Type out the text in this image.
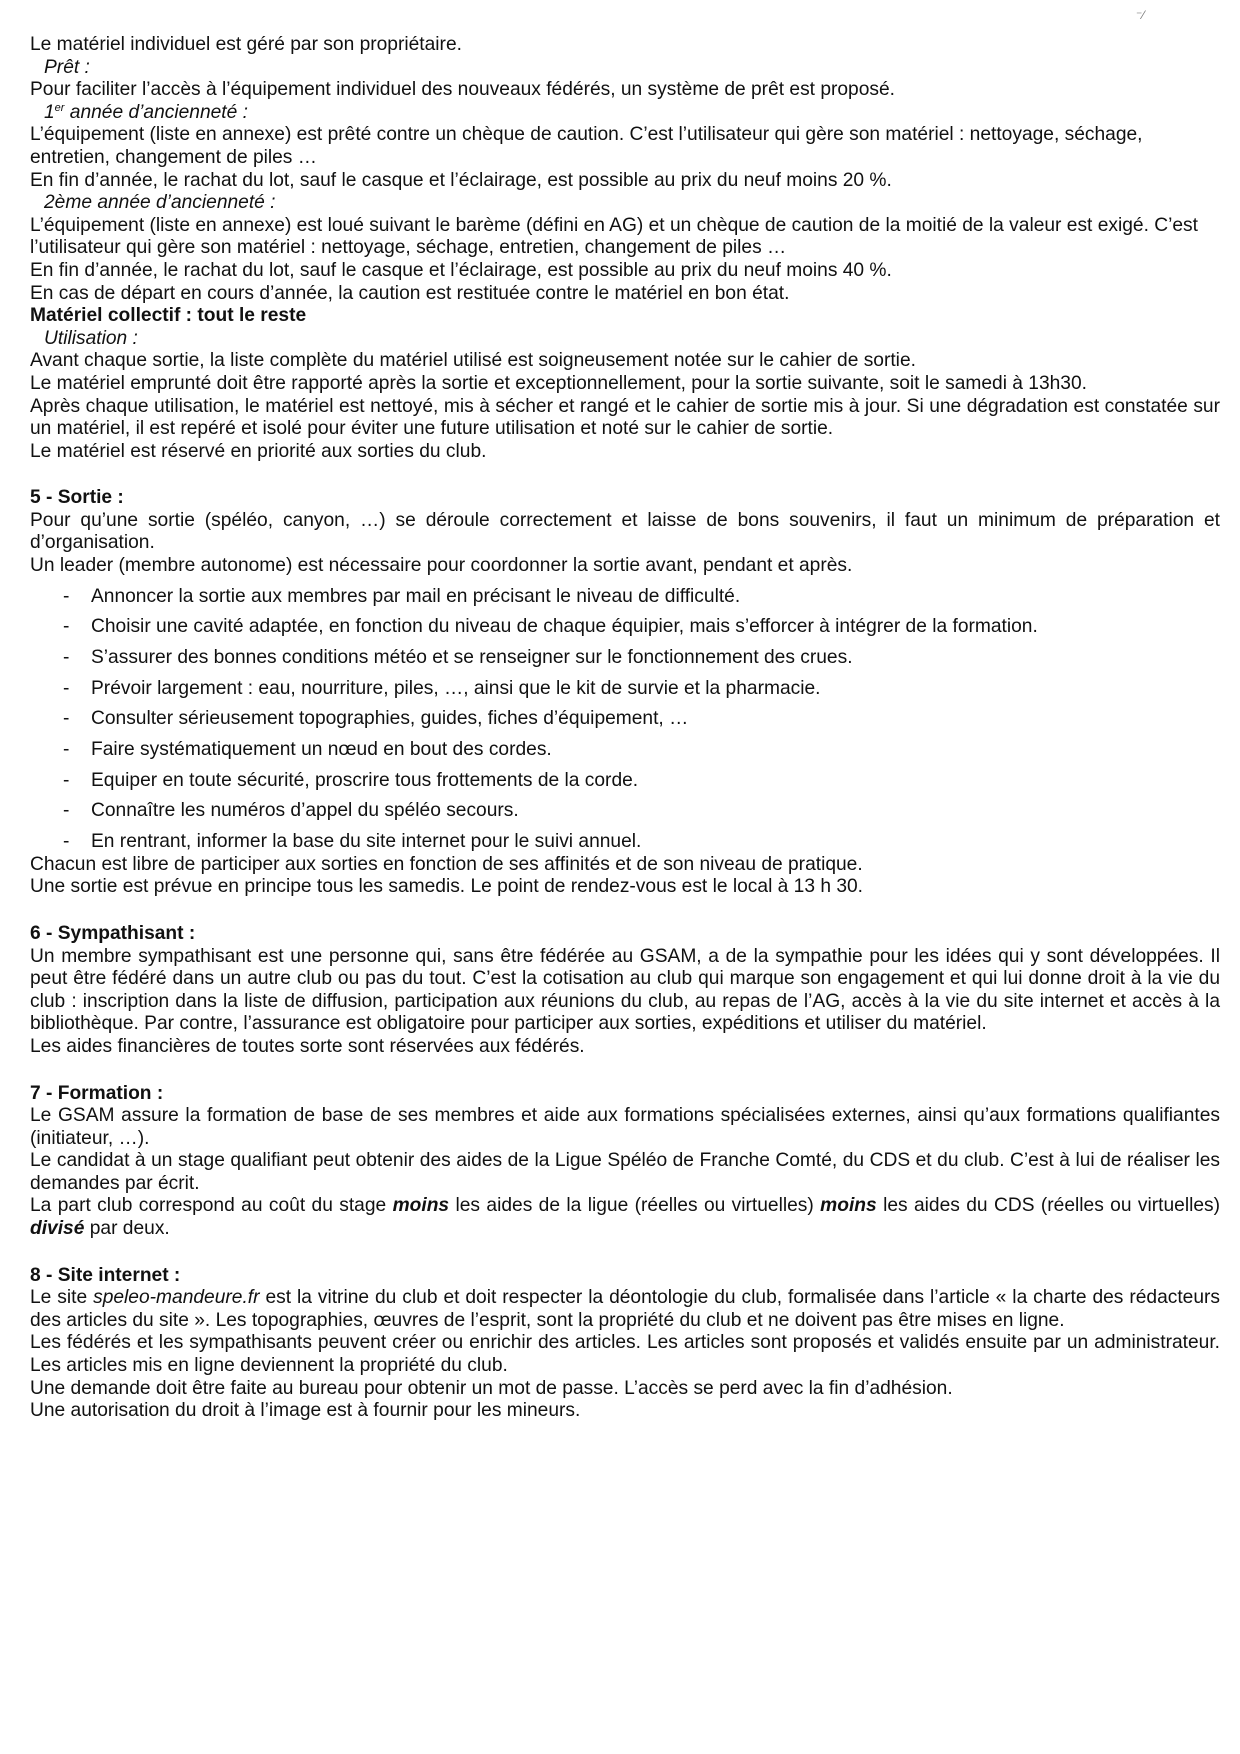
⁻⁄

Le matériel individuel est géré par son propriétaire.

Prêt :

Pour faciliter l’accès à l’équipement individuel des nouveaux fédérés, un système de prêt est proposé.

1er année d’ancienneté :

L’équipement (liste en annexe) est prêté contre un chèque de caution. C’est l’utilisateur qui gère son matériel : nettoyage, séchage, entretien, changement de piles …

En fin d’année, le rachat du lot, sauf le casque et l’éclairage, est possible au prix du neuf moins 20 %.

2ème année d’ancienneté :

L’équipement (liste en annexe) est loué suivant le barème (défini en AG) et un chèque de caution de la moitié de la valeur est exigé. C’est l’utilisateur qui gère son matériel : nettoyage, séchage, entretien, changement de piles …

En fin d’année, le rachat du lot, sauf le casque et l’éclairage, est possible au prix du neuf moins 40 %.

En cas de départ en cours d’année, la caution est restituée contre le matériel en bon état.

Matériel collectif : tout le reste

Utilisation :

Avant chaque sortie, la liste complète du matériel utilisé est soigneusement notée sur le cahier de sortie.

Le matériel emprunté doit être rapporté après la sortie et exceptionnellement, pour la sortie suivante, soit le samedi à 13h30.

Après chaque utilisation, le matériel est nettoyé, mis à sécher et rangé et le cahier de sortie mis à jour. Si une dégradation est constatée sur un matériel, il est repéré et isolé pour éviter une future utilisation et noté sur le cahier de sortie.

Le matériel est réservé en priorité aux sorties du club.

5 - Sortie :

Pour qu’une sortie (spéléo, canyon, …) se déroule correctement et laisse de bons souvenirs, il faut un minimum de préparation et d’organisation.

Un leader (membre autonome) est nécessaire pour coordonner la sortie avant, pendant et après.

- Annoncer la sortie aux membres par mail en précisant le niveau de difficulté.
- Choisir une cavité adaptée, en fonction du niveau de chaque équipier, mais s’efforcer à intégrer de la formation.
- S’assurer des bonnes conditions météo et se renseigner sur le fonctionnement des crues.
- Prévoir largement : eau, nourriture, piles, …, ainsi que le kit de survie et la pharmacie.
- Consulter sérieusement topographies, guides, fiches d’équipement, …
- Faire systématiquement un nœud en bout des cordes.
- Equiper en toute sécurité, proscrire tous frottements de la corde.
- Connaître les numéros d’appel du spéléo secours.
- En rentrant, informer la base du site internet pour le suivi annuel.

Chacun est libre de participer aux sorties en fonction de ses affinités et de son niveau de pratique.

Une sortie est prévue en principe tous les samedis. Le point de rendez-vous est le local à 13 h 30.

6 - Sympathisant :

Un membre sympathisant est une personne qui, sans être fédérée au GSAM, a de la sympathie pour les idées qui y sont développées. Il peut être fédéré dans un autre club ou pas du tout. C’est la cotisation au club qui marque son engagement et qui lui donne droit à la vie du club : inscription dans la liste de diffusion, participation aux réunions du club, au repas de l’AG, accès à la vie du site internet et accès à la bibliothèque. Par contre, l’assurance est obligatoire pour participer aux sorties, expéditions et utiliser du matériel.

Les aides financières de toutes sorte sont réservées aux fédérés.

7 - Formation :

Le GSAM assure la formation de base de ses membres et aide aux formations spécialisées externes, ainsi qu’aux formations qualifiantes (initiateur, …).

Le candidat à un stage qualifiant peut obtenir des aides de la Ligue Spéléo de Franche Comté, du CDS et du club. C’est à lui de réaliser les demandes par écrit.

La part club correspond au coût du stage moins les aides de la ligue (réelles ou virtuelles) moins les aides du CDS (réelles ou virtuelles) divisé par deux.

8 - Site internet :

Le site speleo-mandeure.fr est la vitrine du club et doit respecter la déontologie du club, formalisée dans l’article « la charte des rédacteurs des articles du site ». Les topographies, œuvres de l’esprit, sont la propriété du club et ne doivent pas être mises en ligne.

Les fédérés et les sympathisants peuvent créer ou enrichir des articles. Les articles sont proposés et validés ensuite par un administrateur. Les articles mis en ligne deviennent la propriété du club.

Une demande doit être faite au bureau pour obtenir un mot de passe. L’accès se perd avec la fin d’adhésion.

Une autorisation du droit à l’image est à fournir pour les mineurs.
